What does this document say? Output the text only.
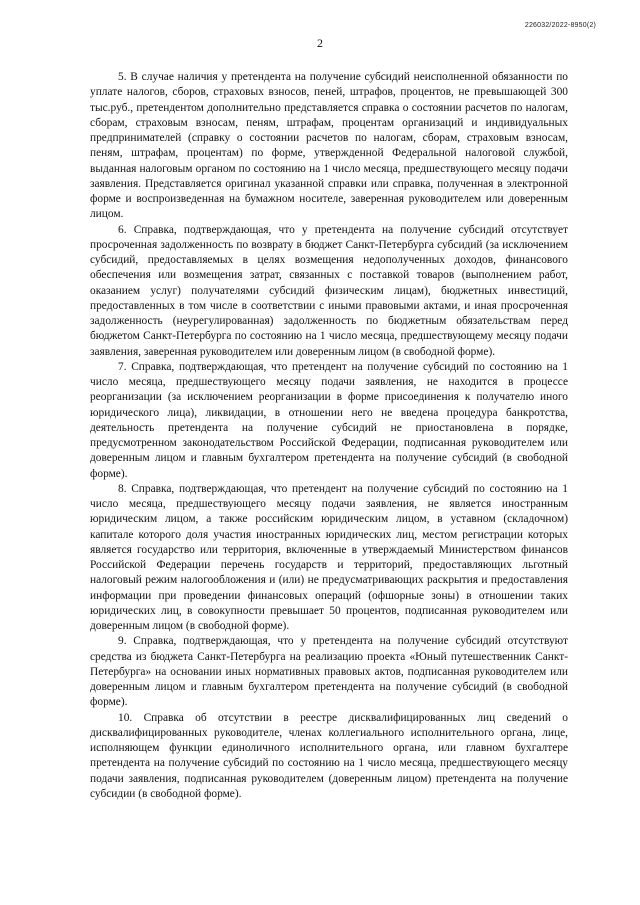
226032/2022-8950(2)
2

5. В случае наличия у претендента на получение субсидий неисполненной обязанности по уплате налогов, сборов, страховых взносов, пеней, штрафов, процентов, не превышающей 300 тыс.руб., претендентом дополнительно представляется справка о состоянии расчетов по налогам, сборам, страховым взносам, пеням, штрафам, процентам организаций и индивидуальных предпринимателей (справку о состоянии расчетов по налогам, сборам, страховым взносам, пеням, штрафам, процентам) по форме, утвержденной Федеральной налоговой службой, выданная налоговым органом по состоянию на 1 число месяца, предшествующего месяцу подачи заявления. Представляется оригинал указанной справки или справка, полученная в электронной форме и воспроизведенная на бумажном носителе, заверенная руководителем или доверенным лицом.

6. Справка, подтверждающая, что у претендента на получение субсидий отсутствует просроченная задолженность по возврату в бюджет Санкт-Петербурга субсидий (за исключением субсидий, предоставляемых в целях возмещения недополученных доходов, финансового обеспечения или возмещения затрат, связанных с поставкой товаров (выполнением работ, оказанием услуг) получателями субсидий физическим лицам), бюджетных инвестиций, предоставленных в том числе в соответствии с иными правовыми актами, и иная просроченная задолженность (неурегулированная) задолженность по бюджетным обязательствам перед бюджетом Санкт-Петербурга по состоянию на 1 число месяца, предшествующему месяцу подачи заявления, заверенная руководителем или доверенным лицом (в свободной форме).

7. Справка, подтверждающая, что претендент на получение субсидий по состоянию на 1 число месяца, предшествующего месяцу подачи заявления, не находится в процессе реорганизации (за исключением реорганизации в форме присоединения к получателю иного юридического лица), ликвидации, в отношении него не введена процедура банкротства, деятельность претендента на получение субсидий не приостановлена в порядке, предусмотренном законодательством Российской Федерации, подписанная руководителем или доверенным лицом и главным бухгалтером претендента на получение субсидий (в свободной форме).

8. Справка, подтверждающая, что претендент на получение субсидий по состоянию на 1 число месяца, предшествующего месяцу подачи заявления, не является иностранным юридическим лицом, а также российским юридическим лицом, в уставном (складочном) капитале которого доля участия иностранных юридических лиц, местом регистрации которых является государство или территория, включенные в утверждаемый Министерством финансов Российской Федерации перечень государств и территорий, предоставляющих льготный налоговый режим налогообложения и (или) не предусматривающих раскрытия и предоставления информации при проведении финансовых операций (офшорные зоны) в отношении таких юридических лиц, в совокупности превышает 50 процентов, подписанная руководителем или доверенным лицом (в свободной форме).

9. Справка, подтверждающая, что у претендента на получение субсидий отсутствуют средства из бюджета Санкт-Петербурга на реализацию проекта «Юный путешественник Санкт-Петербурга» на основании иных нормативных правовых актов, подписанная руководителем или доверенным лицом и главным бухгалтером претендента на получение субсидий (в свободной форме).

10. Справка об отсутствии в реестре дисквалифицированных лиц сведений о дисквалифицированных руководителе, членах коллегиального исполнительного органа, лице, исполняющем функции единоличного исполнительного органа, или главном бухгалтере претендента на получение субсидий по состоянию на 1 число месяца, предшествующего месяцу подачи заявления, подписанная руководителем (доверенным лицом) претендента на получение субсидии (в свободной форме).
